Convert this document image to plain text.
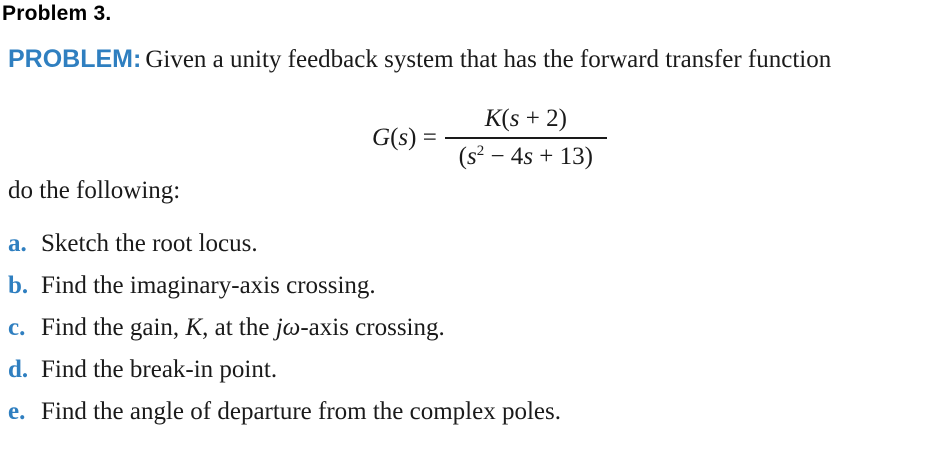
Problem 3.
PROBLEM: Given a unity feedback system that has the forward transfer function
$G(s) = \frac{K(s + 2)}{(s^2 - 4s + 13)}$
do the following:
a. Sketch the root locus.
b. Find the imaginary-axis crossing.
c. Find the gain, K, at the jω-axis crossing.
d. Find the break-in point.
e. Find the angle of departure from the complex poles.
